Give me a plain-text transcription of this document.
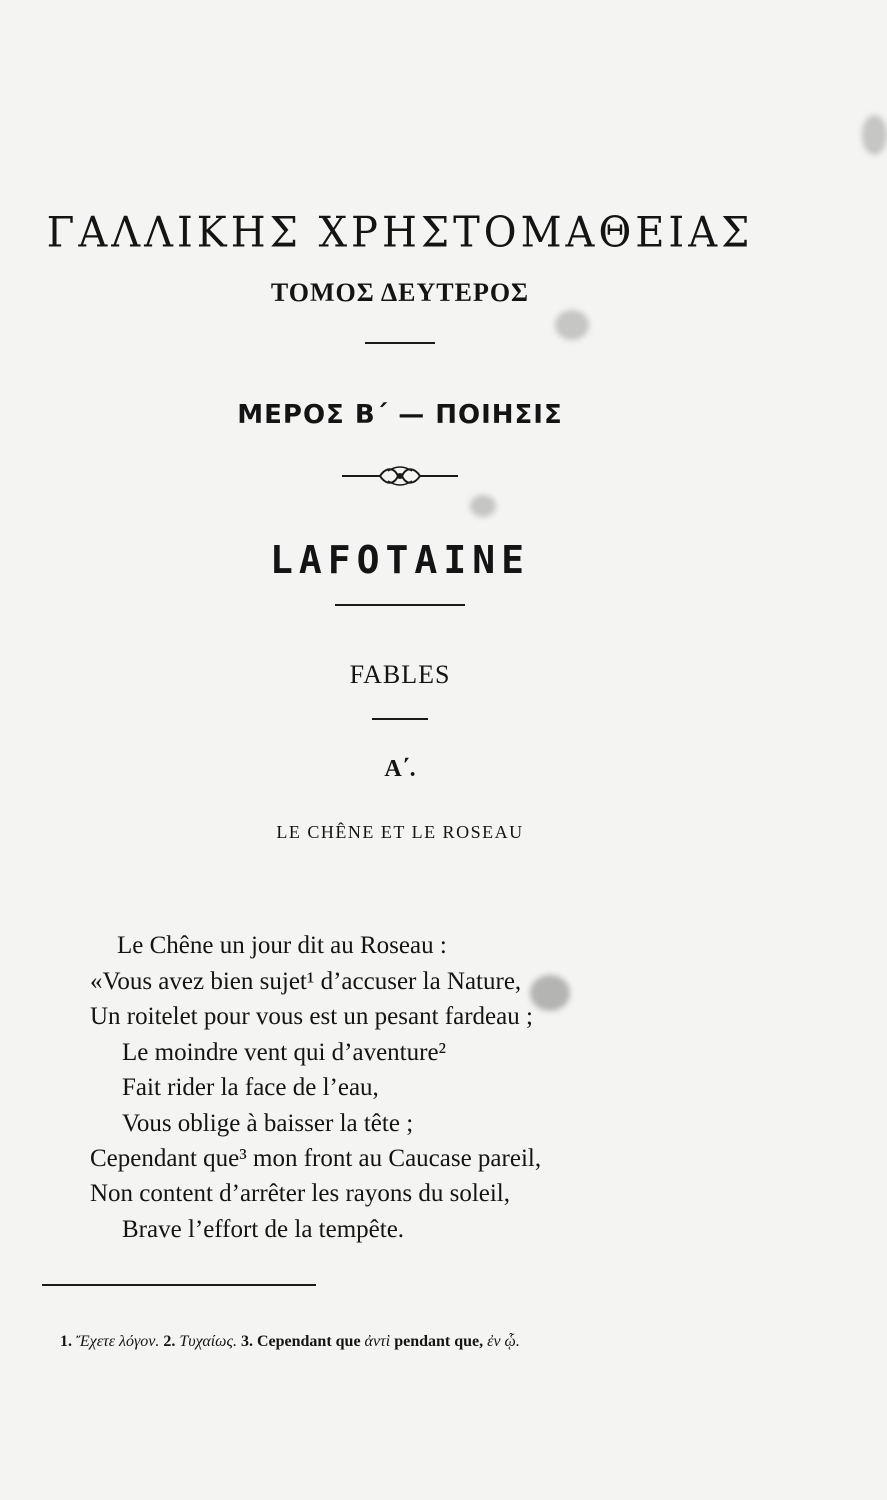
ΓΑΛΛΙΚΗΣ ΧΡΗΣΤΟΜΑΘΕΙΑΣ
ΤΟΜΟΣ ΔΕΥΤΕΡΟΣ
ΜΕΡΟΣ Β΄ — ΠΟΙΗΣΙΣ
LAFOTAINE
FABLES
Α΄.
LE CHÊNE ET LE ROSEAU
Le Chêne un jour dit au Roseau :
«Vous avez bien sujet¹ d’accuser la Nature,
Un roitelet pour vous est un pesant fardeau ;
Le moindre vent qui d’aventure²
Fait rider la face de l’eau,
Vous oblige à baisser la tête ;
Cependant que³ mon front au Caucase pareil,
Non content d’arrêter les rayons du soleil,
Brave l’effort de la tempête.
1. Ἔχετε λόγον. 2. Τυχαίως. 3. Cependant que ἀντὶ pendant que, ἐν ᾧ.
